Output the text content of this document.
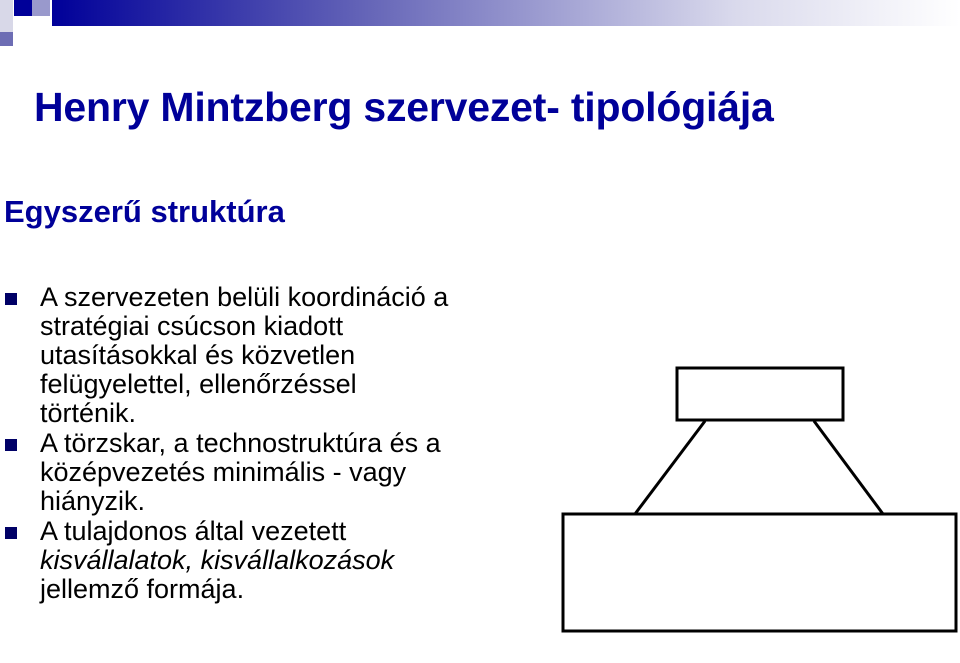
Henry Mintzberg szervezet- tipológiája
Egyszerű struktúra
A szervezeten belüli koordináció a
stratégiai csúcson kiadott
utasításokkal és közvetlen
felügyelettel, ellenőrzéssel
történik.
A törzskar, a technostruktúra és a
középvezetés minimális - vagy
hiányzik.
A tulajdonos által vezetett
kisvállalatok, kisvállalkozások
jellemző formája.
